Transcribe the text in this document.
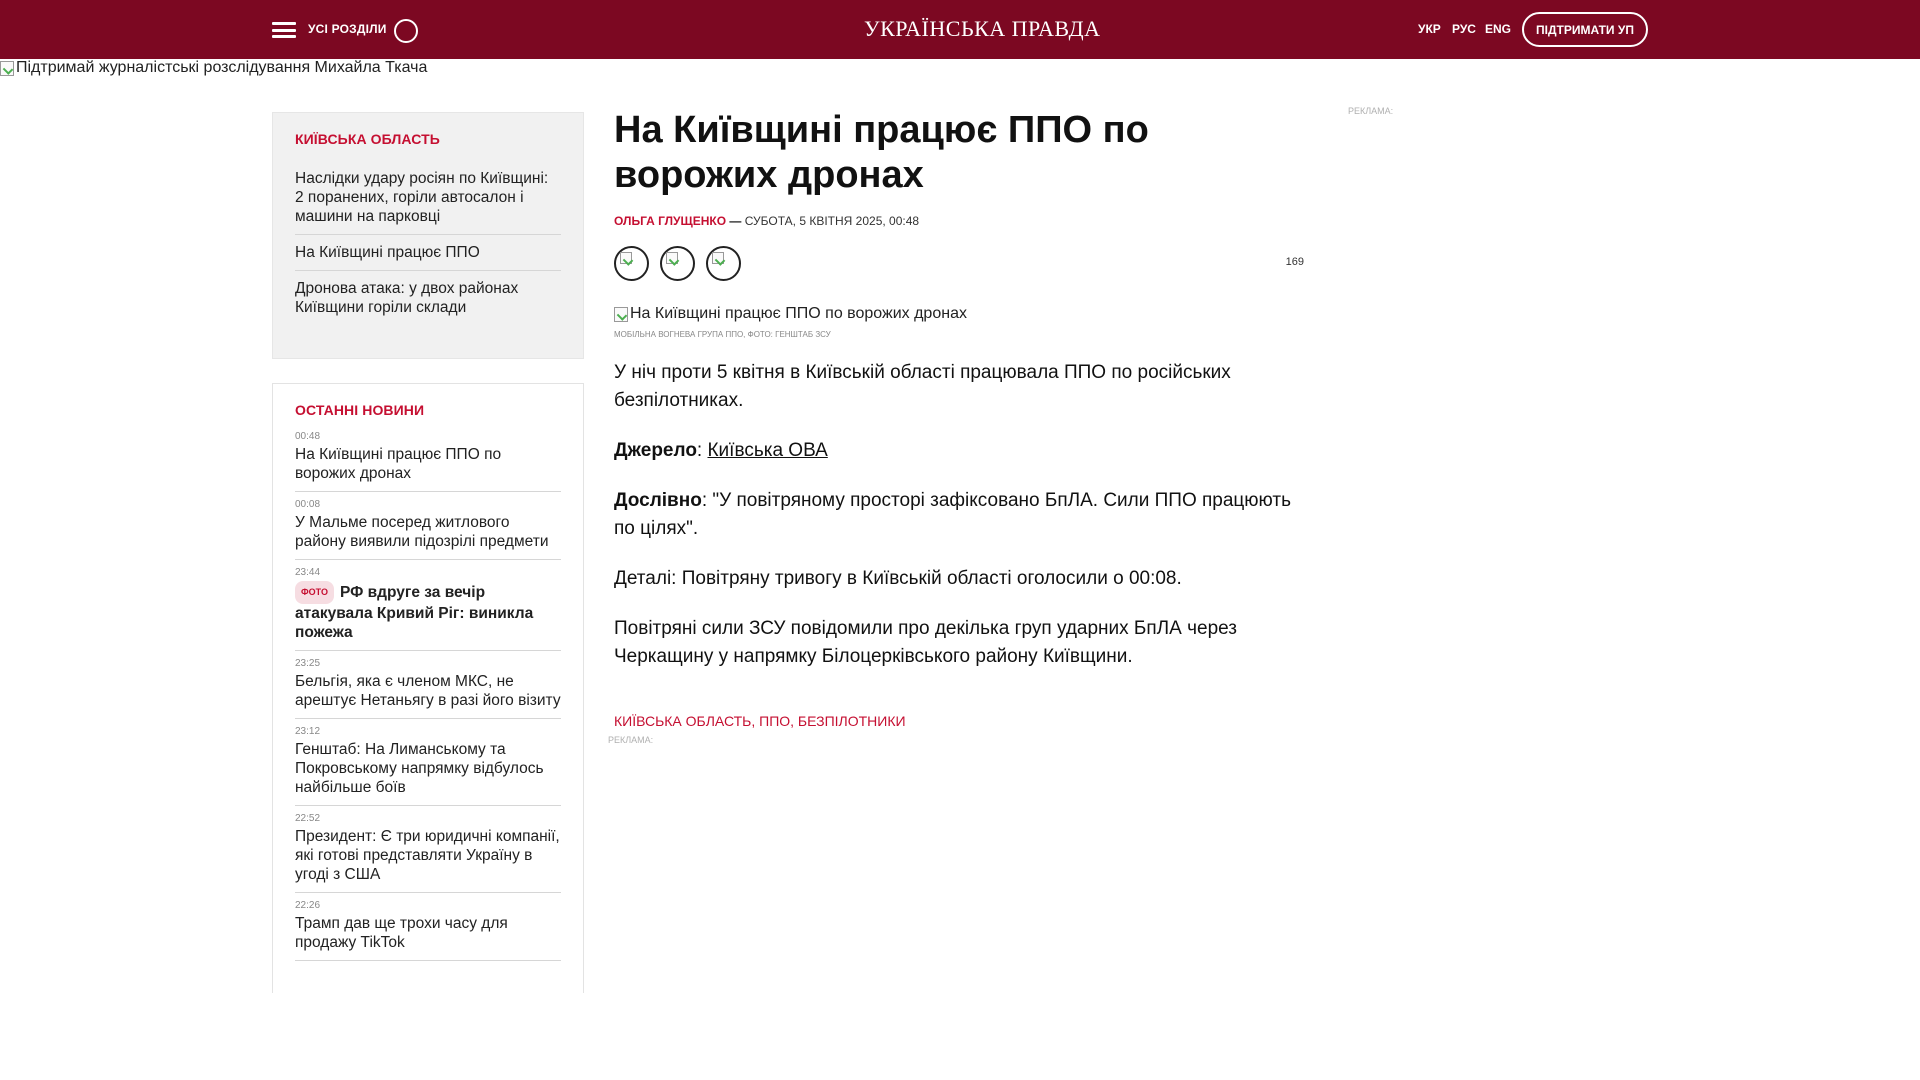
УСІ РОЗДІЛИ	УКРАЇНСЬКА ПРАВДА	УКР РУС ENG	ПІДТРИМАТИ УП
Підтримай журналістські розслідування Михайла Ткача
КИЇВСЬКА ОБЛАСТЬ
Наслідки удару росіян по Київщині: 2 поранених, горіли автосалон і машини на парковці
На Київщині працює ППО
Дронова атака: у двох районах Київщини горіли склади
ОСТАННІ НОВИНИ
00:48
На Київщині працює ППО по ворожих дронах
00:08
У Мальме посеред житлового району виявили підозрілі предмети
23:44
ФОТО РФ вдруге за вечір атакувала Кривий Ріг: виникла пожежа
23:25
Бельгія, яка є членом МКС, не арештує Нетаньягу в разі його візиту
23:12
Генштаб: На Лиманському та Покровському напрямку відбулось найбільше боїв
22:52
Президент: Є три юридичні компанії, які готові представляти Україну в угоді з США
22:26
Трамп дав ще трохи часу для продажу TikTok
На Київщині працює ППО по ворожих дронах
ОЛЬГА ГЛУЩЕНКО — СУБОТА, 5 КВІТНЯ 2025, 00:48
169
На Київщині працює ППО по ворожих дронах
МОБІЛЬНА ВОГНЕВА ГРУПА ППО, ФОТО: ГЕНШТАБ ЗСУ

У ніч проти 5 квітня в Київській області працювала ППО по російських безпілотниках.

Джерело: Київська ОВА

Дослівно: "У повітряному просторі зафіксовано БпЛА. Сили ППО працюють по цілях".

Деталі: Повітряну тривогу в Київській області оголосили о 00:08.

Повітряні сили ЗСУ повідомили про декілька груп ударних БпЛА через Черкащину у напрямку Білоцерківського району Київщини.

КИЇВСЬКА ОБЛАСТЬ, ППО, БЕЗПІЛОТНИКИ
РЕКЛАМА:
РЕКЛАМА:
